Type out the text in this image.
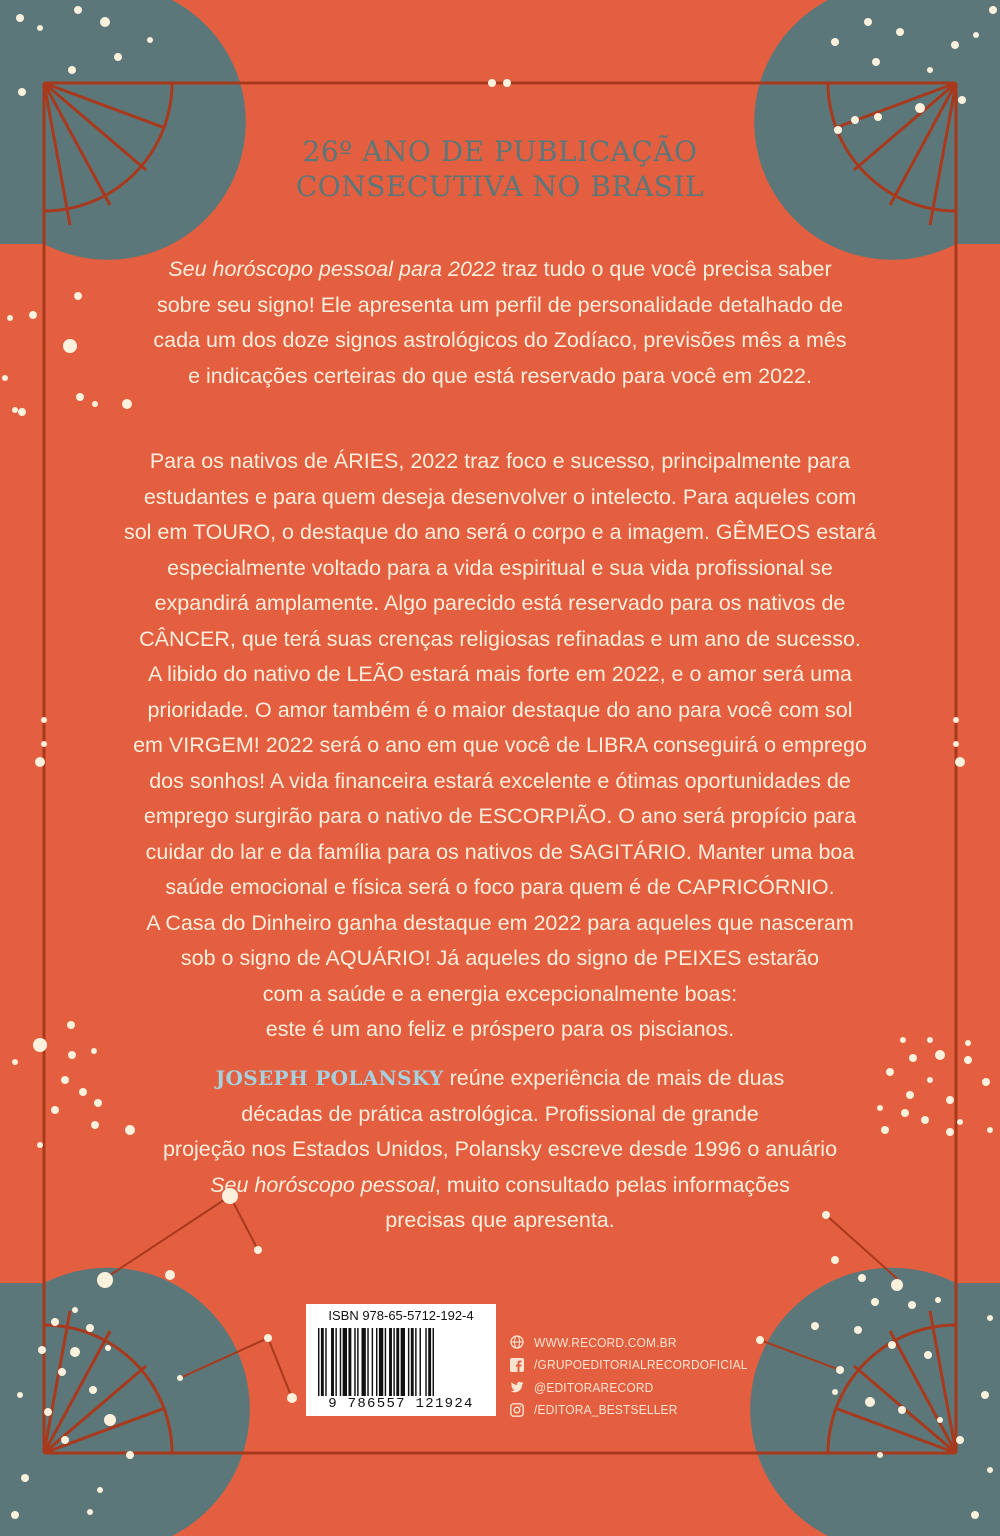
26º ANO DE PUBLICAÇÃO
CONSECUTIVA NO BRASIL
Seu horóscopo pessoal para 2022 traz tudo o que você precisa saber
sobre seu signo! Ele apresenta um perfil de personalidade detalhado de
cada um dos doze signos astrológicos do Zodíaco, previsões mês a mês
e indicações certeiras do que está reservado para você em 2022.
Para os nativos de ÁRIES, 2022 traz foco e sucesso, principalmente para
estudantes e para quem deseja desenvolver o intelecto. Para aqueles com
sol em TOURO, o destaque do ano será o corpo e a imagem. GÊMEOS estará
especialmente voltado para a vida espiritual e sua vida profissional se
expandirá amplamente. Algo parecido está reservado para os nativos de
CÂNCER, que terá suas crenças religiosas refinadas e um ano de sucesso.
A libido do nativo de LEÃO estará mais forte em 2022, e o amor será uma
prioridade. O amor também é o maior destaque do ano para você com sol
em VIRGEM! 2022 será o ano em que você de LIBRA conseguirá o emprego
dos sonhos! A vida financeira estará excelente e ótimas oportunidades de
emprego surgirão para o nativo de ESCORPIÃO. O ano será propício para
cuidar do lar e da família para os nativos de SAGITÁRIO. Manter uma boa
saúde emocional e física será o foco para quem é de CAPRICÓRNIO.
A Casa do Dinheiro ganha destaque em 2022 para aqueles que nasceram
sob o signo de AQUÁRIO! Já aqueles do signo de PEIXES estarão
com a saúde e a energia excepcionalmente boas:
este é um ano feliz e próspero para os piscianos.
JOSEPH POLANSKY reúne experiência de mais de duas
décadas de prática astrológica. Profissional de grande
projeção nos Estados Unidos, Polansky escreve desde 1996 o anuário
Seu horóscopo pessoal, muito consultado pelas informações
precisas que apresenta.
ISBN 978-65-5712-192-4
9 786557 121924
WWW.RECORD.COM.BR
/GRUPOEDITORIALRECORDOFICIAL
@EDITORARECORD
/EDITORA_BESTSELLER
